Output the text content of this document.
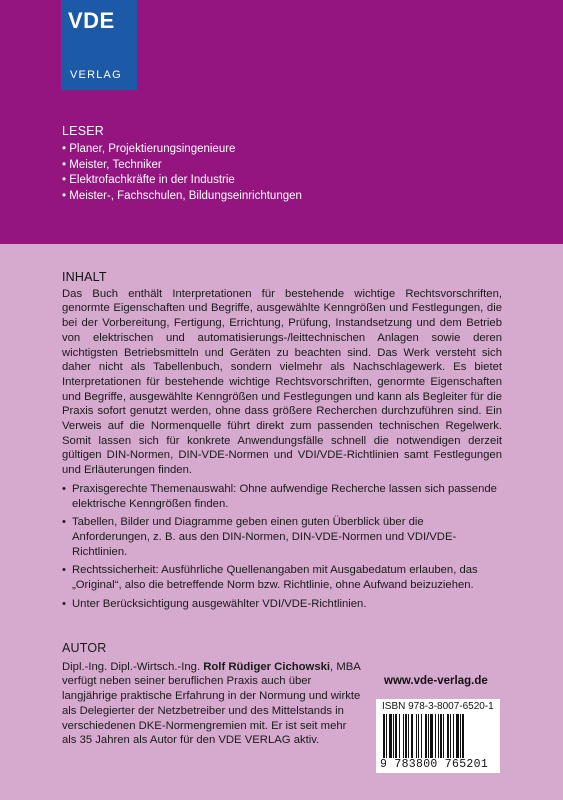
VDE
VERLAG
LESER
• Planer, Projektierungsingenieure
• Meister, Techniker
• Elektrofachkräfte in der Industrie
• Meister-, Fachschulen, Bildungseinrichtungen
INHALT

Das Buch enthält Interpretationen für bestehende wichtige Rechtsvorschriften, genormte Eigenschaften und Begriffe, ausgewählte Kenngrößen und Festlegungen, die bei der Vorbereitung, Fertigung, Errichtung, Prüfung, Instandsetzung und dem Betrieb von elektrischen und automatisierungs-/leittechnischen Anlagen sowie deren wichtigsten Betriebsmitteln und Geräten zu beachten sind. Das Werk versteht sich daher nicht als Tabellenbuch, sondern vielmehr als Nachschlagewerk. Es bietet Interpretationen für bestehende wichtige Rechtsvorschriften, genormte Eigenschaften und Begriffe, ausgewählte Kenngrößen und Festlegungen und kann als Begleiter für die Praxis sofort genutzt werden, ohne dass größere Recherchen durchzuführen sind. Ein Verweis auf die Normenquelle führt direkt zum passenden technischen Regelwerk. Somit lassen sich für konkrete Anwendungsfälle schnell die notwendigen derzeit gültigen DIN-Normen, DIN-VDE-Normen und VDI/VDE-Richtlinien samt Festlegungen und Erläuterungen finden.

• Praxisgerechte Themenauswahl: Ohne aufwendige Recherche lassen sich passende elektrische Kenngrößen finden.
• Tabellen, Bilder und Diagramme geben einen guten Überblick über die Anforderungen, z. B. aus den DIN-Normen, DIN-VDE-Normen und VDI/VDE-Richtlinien.
• Rechtssicherheit: Ausführliche Quellenangaben mit Ausgabedatum erlauben, das „Original“, also die betreffende Norm bzw. Richtlinie, ohne Aufwand beizuziehen.
• Unter Berücksichtigung ausgewählter VDI/VDE-Richtlinien.
AUTOR
Dipl.-Ing. Dipl.-Wirtsch.-Ing. Rolf Rüdiger Cichowski, MBA verfügt neben seiner beruflichen Praxis auch über langjährige praktische Erfahrung in der Normung und wirkte als Delegierter der Netzbetreiber und des Mittelstands in verschiedenen DKE-Normengremien mit. Er ist seit mehr als 35 Jahren als Autor für den VDE VERLAG aktiv.
www.vde-verlag.de
ISBN 978-3-8007-6520-1
9 783800 765201
